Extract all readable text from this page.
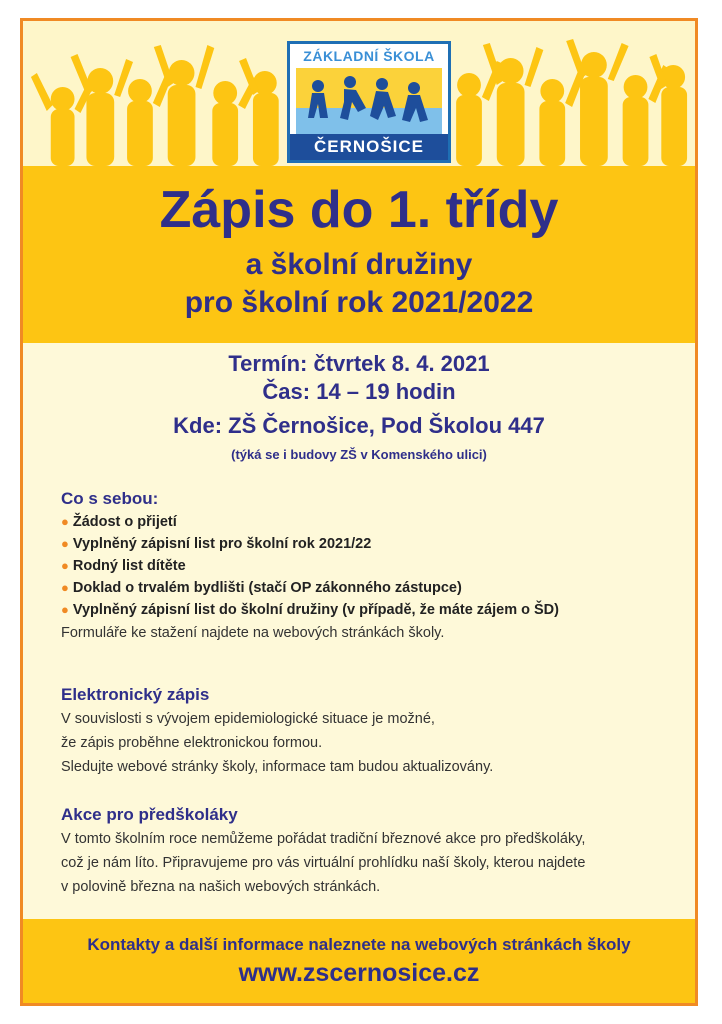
ZÁKLADNÍ ŠKOLA
ČERNOŠICE
Zápis do 1. třídy
a školní družiny
pro školní rok 2021/2022
Termín: čtvrtek 8. 4. 2021
Čas: 14 – 19 hodin
Kde: ZŠ Černošice, Pod Školou 447
(týká se i budovy ZŠ v Komenského ulici)
Co s sebou:
● Žádost o přijetí
● Vyplněný zápisní list pro školní rok 2021/22
● Rodný list dítěte
● Doklad o trvalém bydlišti (stačí OP zákonného zástupce)
● Vyplněný zápisní list do školní družiny (v případě, že máte zájem o ŠD)
Formuláře ke stažení najdete na webových stránkách školy.
Elektronický zápis
V souvislosti s vývojem epidemiologické situace je možné,
že zápis proběhne elektronickou formou.
Sledujte webové stránky školy, informace tam budou aktualizovány.
Akce pro předškoláky
V tomto školním roce nemůžeme pořádat tradiční březnové akce pro předškoláky,
což je nám líto. Připravujeme pro vás virtuální prohlídku naší školy, kterou najdete
v polovině března na našich webových stránkách.
Kontakty a další informace naleznete na webových stránkách školy
www.zscernosice.cz
